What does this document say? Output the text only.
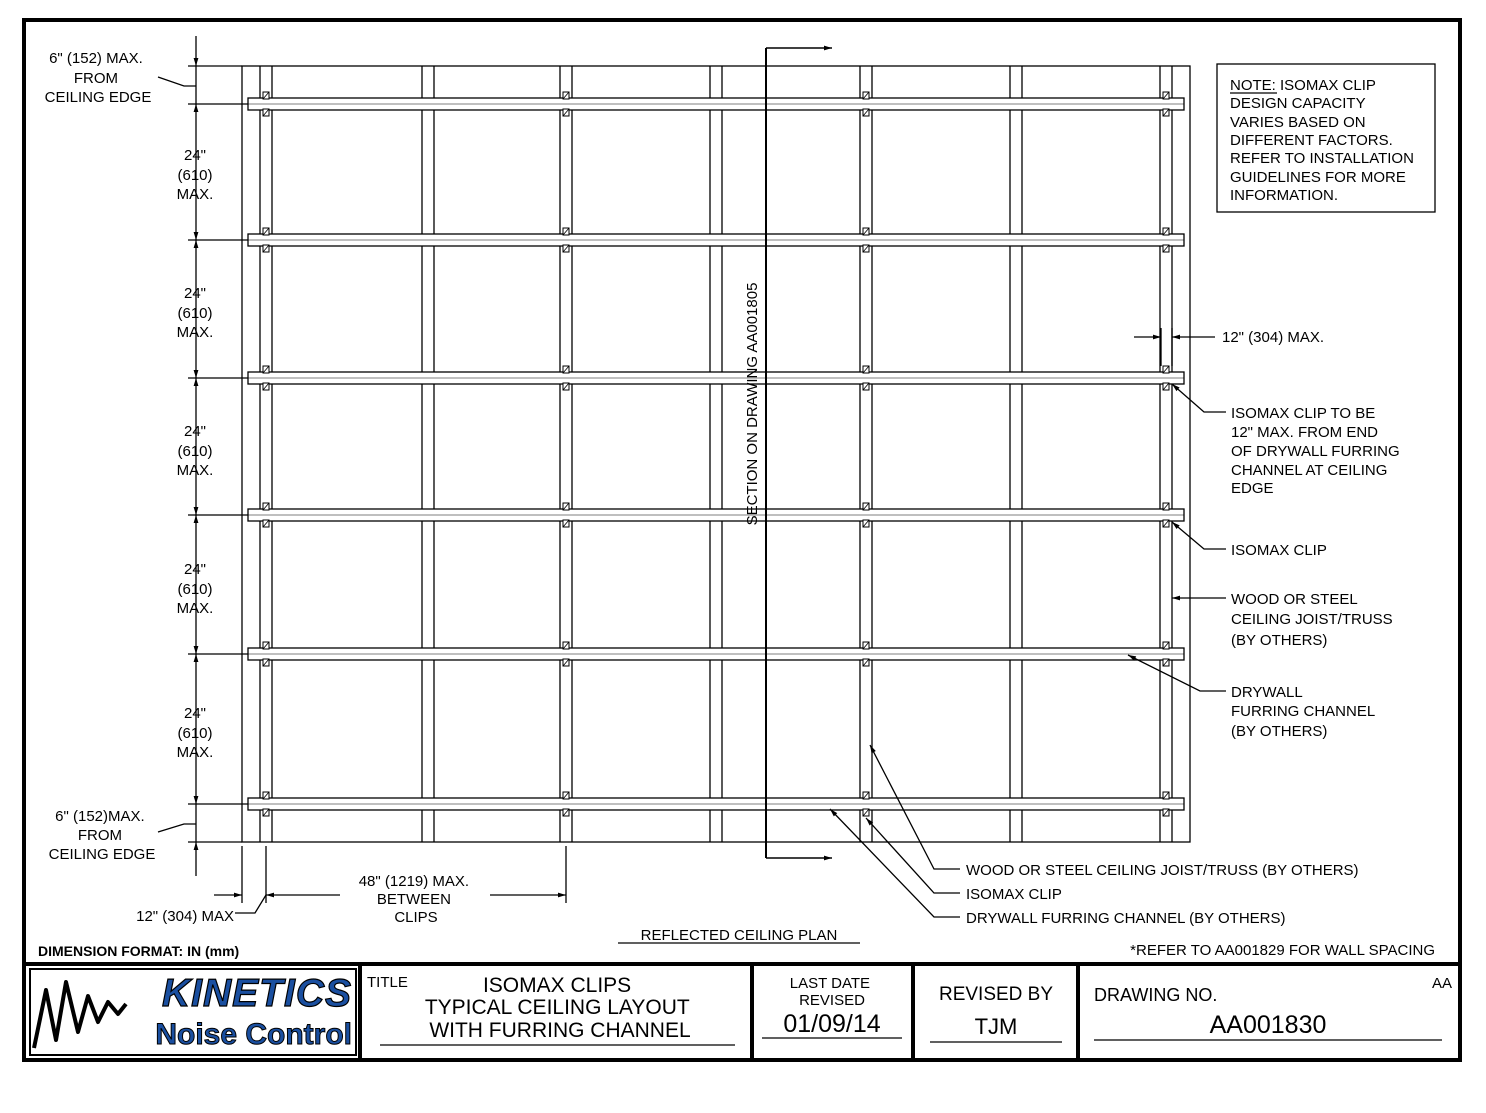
SECTION ON DRAWING AA001805
6" (152) MAX. FROM CEILING EDGE
6" (152)MAX. FROM CEILING EDGE
24" (610) MAX.
24" (610) MAX.
24" (610) MAX.
24" (610) MAX.
24" (610) MAX.
48" (1219) MAX. BETWEEN CLIPS
12" (304) MAX
12" (304) MAX.
NOTE: ISOMAX CLIP DESIGN CAPACITY VARIES BASED ON DIFFERENT FACTORS. REFER TO INSTALLATION GUIDELINES FOR MORE INFORMATION.
ISOMAX CLIP TO BE 12" MAX. FROM END OF DRYWALL FURRING CHANNEL AT CEILING EDGE
ISOMAX CLIP
WOOD OR STEEL CEILING JOIST/TRUSS (BY OTHERS)
DRYWALL FURRING CHANNEL (BY OTHERS)
WOOD OR STEEL CEILING JOIST/TRUSS (BY OTHERS)
ISOMAX CLIP
DRYWALL FURRING CHANNEL (BY OTHERS)
REFLECTED CEILING PLAN
DIMENSION FORMAT: IN (mm)	*REFER TO AA001829 FOR WALL SPACING
KINETICS
Noise Control
TITLE	ISOMAX CLIPS TYPICAL CEILING LAYOUT WITH FURRING CHANNEL
LAST DATE REVISED
01/09/14
REVISED BY
TJM
DRAWING NO.
AA001830
AA
